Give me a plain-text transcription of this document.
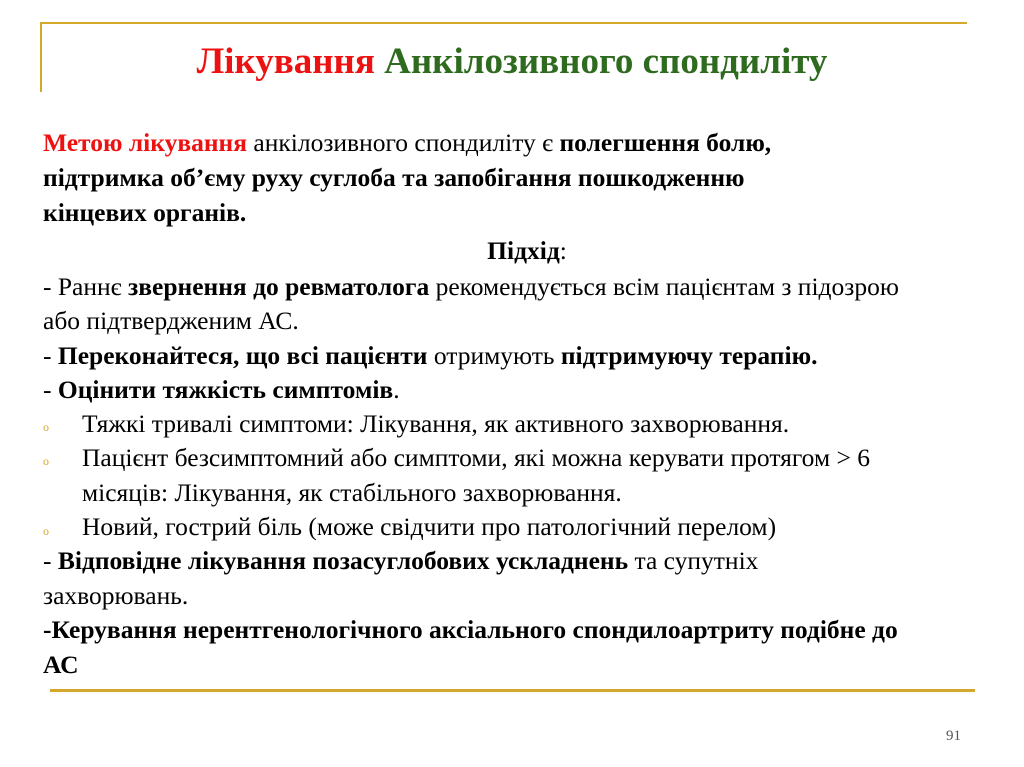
Лікування Анкілозивного спондиліту
Метою лікування анкілозивного спондиліту є полегшення болю,
підтримка об’єму руху суглоба та запобігання пошкодженню
кінцевих органів.
Підхід:
- Раннє звернення до ревматолога рекомендується всім пацієнтам з підозрою
або підтвердженим АС.
- Переконайтеся, що всі пацієнти отримують підтримуючу терапію.
- Оцінити тяжкість симптомів.
o Тяжкі тривалі симптоми: Лікування, як активного захворювання.
o Пацієнт безсимптомний або симптоми, які можна керувати протягом > 6
місяців: Лікування, як стабільного захворювання.
o Новий, гострий біль (може свідчити про патологічний перелом)
- Відповідне лікування позасуглобових ускладнень та супутніх
захворювань.
-Керування нерентгенологічного аксіального спондилоартриту подібне до
АС
91
